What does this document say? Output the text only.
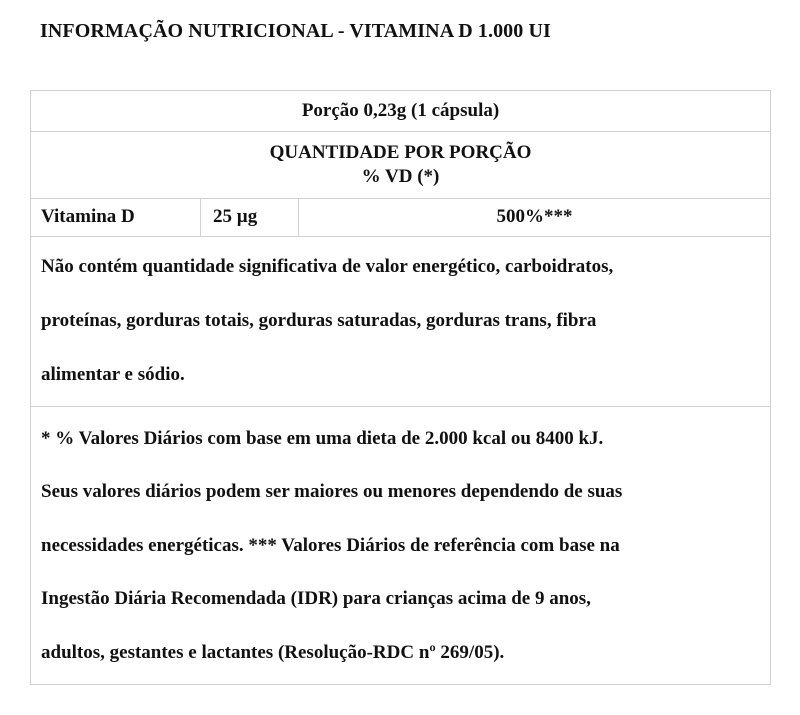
INFORMAÇÃO NUTRICIONAL - VITAMINA D 1.000 UI
Porção 0,23g (1 cápsula)

QUANTIDADE POR PORÇÃO
% VD (*)

Vitamina D	25 µg	500%***

Não contém quantidade significativa de valor energético, carboidratos,
proteínas, gorduras totais, gorduras saturadas, gorduras trans, fibra
alimentar e sódio.

* % Valores Diários com base em uma dieta de 2.000 kcal ou 8400 kJ.
Seus valores diários podem ser maiores ou menores dependendo de suas
necessidades energéticas. *** Valores Diários de referência com base na
Ingestão Diária Recomendada (IDR) para crianças acima de 9 anos,
adultos, gestantes e lactantes (Resolução-RDC nº 269/05).
